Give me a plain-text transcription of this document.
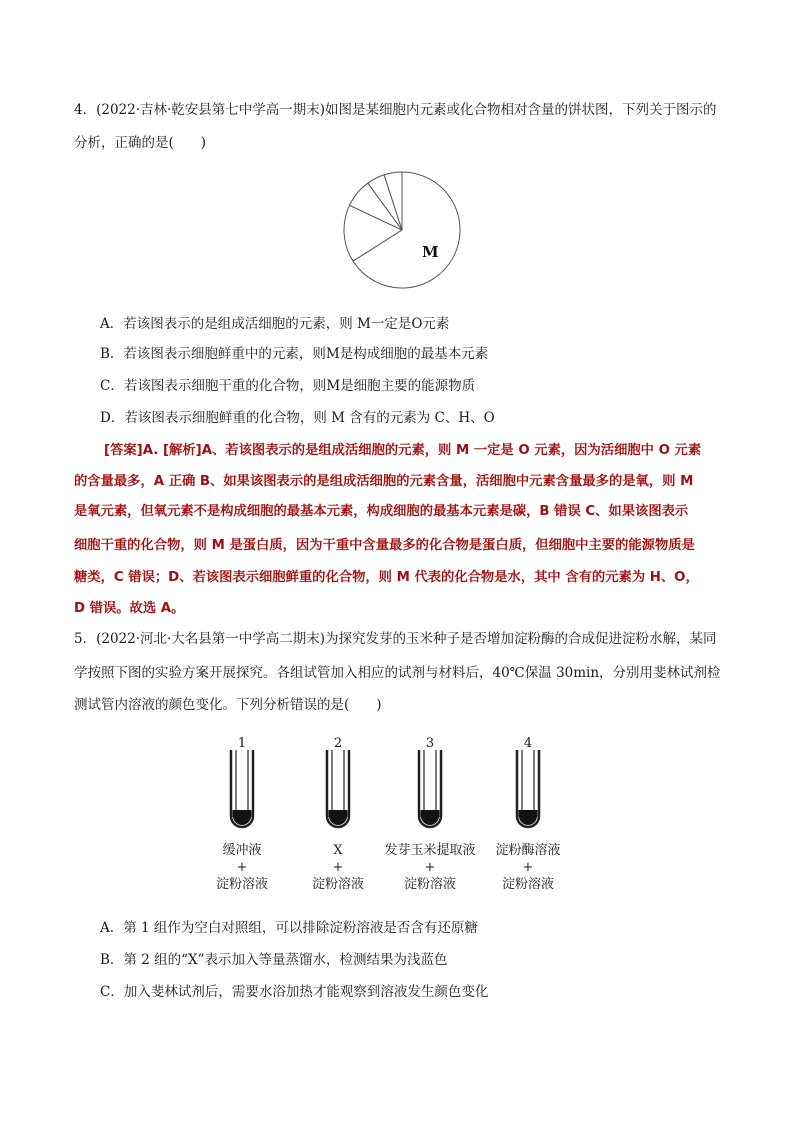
4．(2022·吉林·乾安县第七中学高一期末)如图是某细胞内元素或化合物相对含量的饼状图，下列关于图示的
分析，正确的是(　　)
M
A．若该图表示的是组成活细胞的元素，则 M一定是O元素
B．若该图表示细胞鲜重中的元素，则M是构成细胞的最基本元素
C．若该图表示细胞干重的化合物，则M是细胞主要的能源物质
D．若该图表示细胞鲜重的化合物，则 M 含有的元素为 C、H、O
[答案]A. [解析]A、若该图表示的是组成活细胞的元素，则 M 一定是 O 元素，因为活细胞中 O 元素
的含量最多，A 正确 B、如果该图表示的是组成活细胞的元素含量，活细胞中元素含量最多的是氧，则 M
是氧元素，但氧元素不是构成细胞的最基本元素，构成细胞的最基本元素是碳，B 错误 C、如果该图表示
细胞干重的化合物，则 M 是蛋白质，因为干重中含量最多的化合物是蛋白质，但细胞中主要的能源物质是
糖类，C 错误；D、若该图表示细胞鲜重的化合物，则 M 代表的化合物是水，其中 含有的元素为 H、O，
D 错误。故选 A。
5．(2022·河北·大名县第一中学高二期末)为探究发芽的玉米种子是否增加淀粉酶的合成促进淀粉水解，某同
学按照下图的实验方案开展探究。各组试管加入相应的试剂与材料后，40℃保温 30min，分别用斐林试剂检
测试管内溶液的颜色变化。下列分析错误的是(　　)
1	2	3	4
缓冲液
+
淀粉溶液
X
+
淀粉溶液
发芽玉米提取液
+
淀粉溶液
淀粉酶溶液
+
淀粉溶液
A．第 1 组作为空白对照组，可以排除淀粉溶液是否含有还原糖
B．第 2 组的“X”表示加入等量蒸馏水，检测结果为浅蓝色
C．加入斐林试剂后，需要水浴加热才能观察到溶液发生颜色变化
